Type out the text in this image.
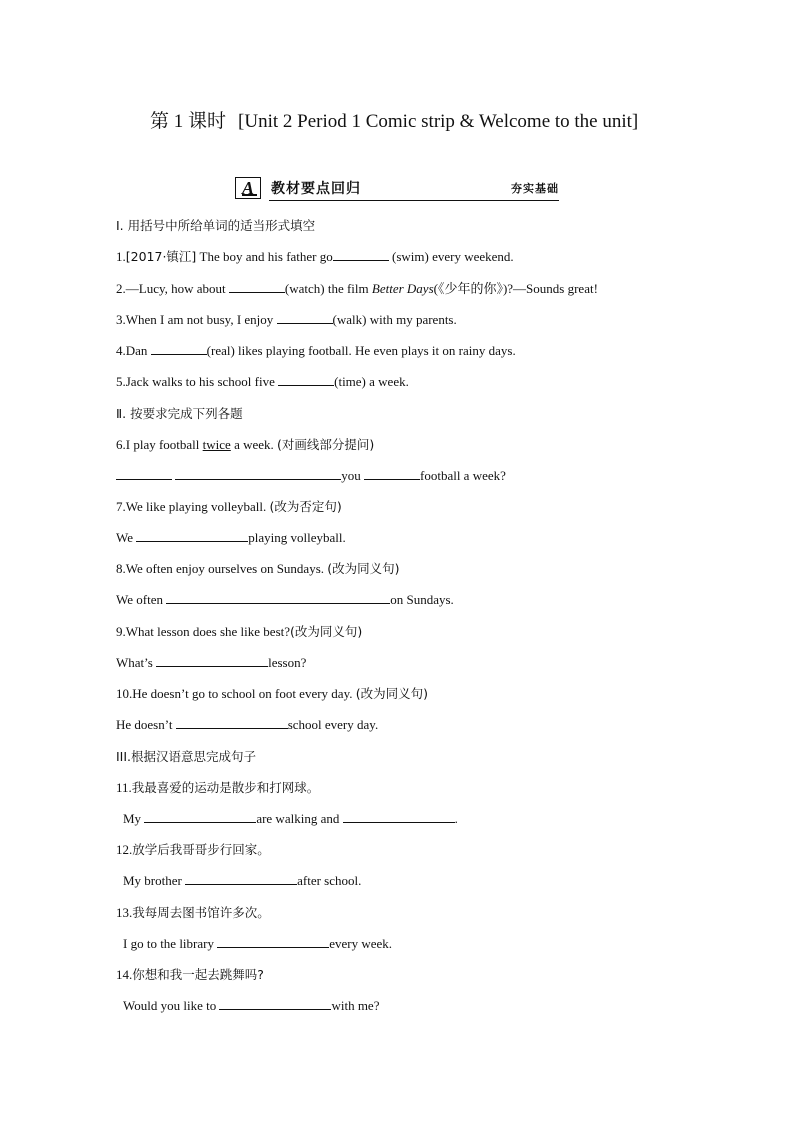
第 1 课时 [Unit 2 Period 1 Comic strip & Welcome to the unit]
A	教材要点回归	夯实基础
Ⅰ. 用括号中所给单词的适当形式填空
1.[2017·镇江] The boy and his father go	(swim) every weekend.
2.—Lucy, how about	(watch) the film Better Days(《少年的你》)?—Sounds great!
3.When I am not busy, I enjoy	(walk) with my parents.
4.Dan	(real) likes playing football. He even plays it on rainy days.
5.Jack walks to his school five	(time) a week.
Ⅱ. 按要求完成下列各题
6.I play football twice a week. (对画线部分提问)
you	football a week?
7.We like playing volleyball. (改为否定句)
We	playing volleyball.
8.We often enjoy ourselves on Sundays. (改为同义句)
We often	on Sundays.
9.What lesson does she like best?(改为同义句)
What’s	lesson?
10.He doesn’t go to school on foot every day. (改为同义句)
He doesn’t	school every day.
III.根据汉语意思完成句子
11.我最喜爱的运动是散步和打网球。
My	are walking and	.
12.放学后我哥哥步行回家。
My brother	after school.
13.我每周去图书馆许多次。
I go to the library	every week.
14.你想和我一起去跳舞吗?
Would you like to	with me?
